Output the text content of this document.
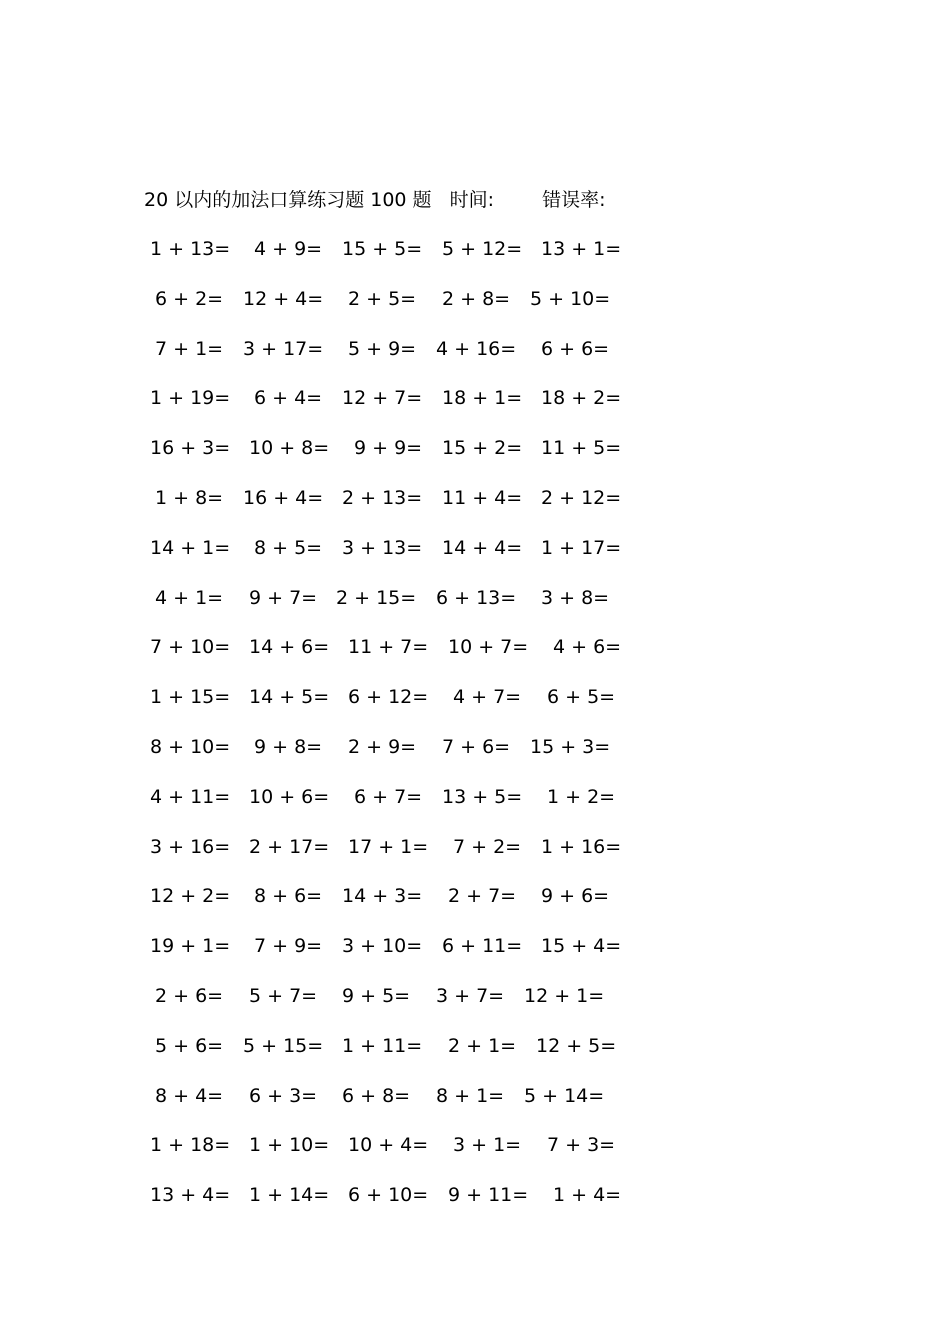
20 以内的加法口算练习题 100 题 时间:	错误率:
1 + 13= 4 + 9= 15 + 5= 5 + 12= 13 + 1=
6 + 2= 12 + 4= 2 + 5= 2 + 8= 5 + 10=
7 + 1= 3 + 17= 5 + 9= 4 + 16= 6 + 6=
1 + 19= 6 + 4= 12 + 7= 18 + 1= 18 + 2=
16 + 3= 10 + 8= 9 + 9= 15 + 2= 11 + 5=
1 + 8= 16 + 4= 2 + 13= 11 + 4= 2 + 12=
14 + 1= 8 + 5= 3 + 13= 14 + 4= 1 + 17=
4 + 1= 9 + 7= 2 + 15= 6 + 13= 3 + 8=
7 + 10= 14 + 6= 11 + 7= 10 + 7= 4 + 6=
1 + 15= 14 + 5= 6 + 12= 4 + 7= 6 + 5=
8 + 10= 9 + 8= 2 + 9= 7 + 6= 15 + 3=
4 + 11= 10 + 6= 6 + 7= 13 + 5= 1 + 2=
3 + 16= 2 + 17= 17 + 1= 7 + 2= 1 + 16=
12 + 2= 8 + 6= 14 + 3= 2 + 7= 9 + 6=
19 + 1= 7 + 9= 3 + 10= 6 + 11= 15 + 4=
2 + 6= 5 + 7= 9 + 5= 3 + 7= 12 + 1=
5 + 6= 5 + 15= 1 + 11= 2 + 1= 12 + 5=
8 + 4= 6 + 3= 6 + 8= 8 + 1= 5 + 14=
1 + 18= 1 + 10= 10 + 4= 3 + 1= 7 + 3=
13 + 4= 1 + 14= 6 + 10= 9 + 11= 1 + 4=
